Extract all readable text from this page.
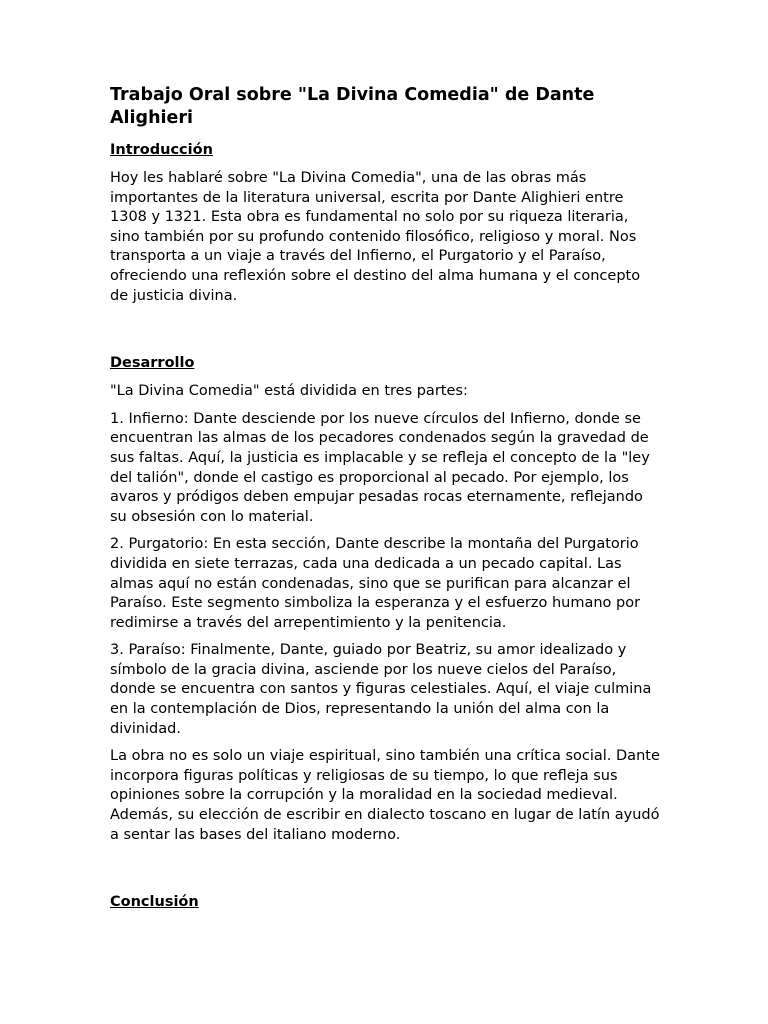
Trabajo Oral sobre "La Divina Comedia" de Dante Alighieri
Introducción

Hoy les hablaré sobre "La Divina Comedia", una de las obras más importantes de la literatura universal, escrita por Dante Alighieri entre 1308 y 1321. Esta obra es fundamental no solo por su riqueza literaria, sino también por su profundo contenido filosófico, religioso y moral. Nos transporta a un viaje a través del Infierno, el Purgatorio y el Paraíso, ofreciendo una reflexión sobre el destino del alma humana y el concepto de justicia divina.

Desarrollo

"La Divina Comedia" está dividida en tres partes:

1. Infierno: Dante desciende por los nueve círculos del Infierno, donde se encuentran las almas de los pecadores condenados según la gravedad de sus faltas. Aquí, la justicia es implacable y se refleja el concepto de la "ley del talión", donde el castigo es proporcional al pecado. Por ejemplo, los avaros y pródigos deben empujar pesadas rocas eternamente, reflejando su obsesión con lo material.

2. Purgatorio: En esta sección, Dante describe la montaña del Purgatorio dividida en siete terrazas, cada una dedicada a un pecado capital. Las almas aquí no están condenadas, sino que se purifican para alcanzar el Paraíso. Este segmento simboliza la esperanza y el esfuerzo humano por redimirse a través del arrepentimiento y la penitencia.

3. Paraíso: Finalmente, Dante, guiado por Beatriz, su amor idealizado y símbolo de la gracia divina, asciende por los nueve cielos del Paraíso, donde se encuentra con santos y figuras celestiales. Aquí, el viaje culmina en la contemplación de Dios, representando la unión del alma con la divinidad.

La obra no es solo un viaje espiritual, sino también una crítica social. Dante incorpora figuras políticas y religiosas de su tiempo, lo que refleja sus opiniones sobre la corrupción y la moralidad en la sociedad medieval. Además, su elección de escribir en dialecto toscano en lugar de latín ayudó a sentar las bases del italiano moderno.

Conclusión
